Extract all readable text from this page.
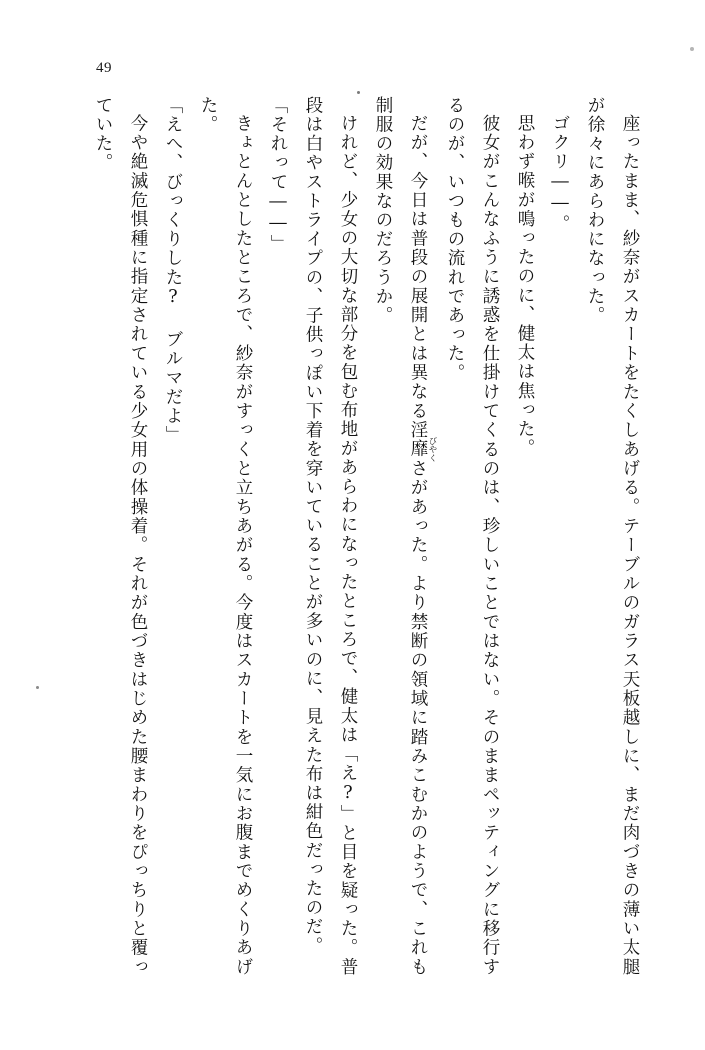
49

座ったまま、紗奈がスカートをたくしあげる。テーブルのガラス天板越しに、まだ肉づきの薄い太腿が徐々にあらわになった。

ゴクリ――。

思わず喉が鳴ったのに、健太は焦った。

彼女がこんなふうに誘惑を仕掛けてくるのは、珍しいことではない。そのままペッティングに移行するのが、いつもの流れであった。

だが、今日は普段の展開とは異なる淫靡 びやくさがあった。より禁断の領域に踏みこむかのようで、これも制服の効果なのだろうか。

けれど、少女の大切な部分を包む布地があらわになったところで、健太は「え?」と目を疑った。普段は白やストライプの、子供っぽい下着を穿いていることが多いのに、見えた布は紺色だったのだ。

「それって――」

きょとんとしたところで、紗奈がすっくと立ちあがる。今度はスカートを一気にお腹までめくりあげた。

「えへ、びっくりした? ブルマだよ」

今や絶滅危惧種に指定されている少女用の体操着。それが色づきはじめた腰まわりをぴっちりと覆っていた。
